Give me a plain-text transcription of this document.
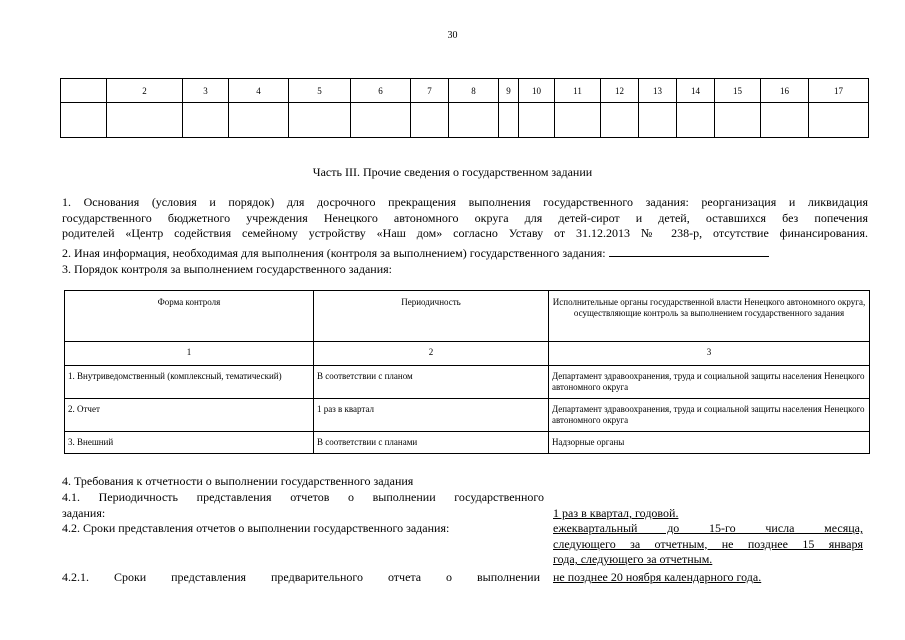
30
	2	3	4	5	6	7	8	9	10	11	12	13	14	15	16	17

Часть III. Прочие сведения о государственном задании
1. Основания (условия и порядок) для досрочного прекращения выполнения государственного задания: реорганизация и ликвидация
государственного бюджетного учреждения Ненецкого автономного округа для детей-сирот и детей, оставшихся без попечения
родителей «Центр содействия семейному устройству «Наш дом» согласно Уставу от 31.12.2013 № 238-р, отсутствие финансирования.
2. Иная информация, необходимая для выполнения (контроля за выполнением) государственного задания:
3. Порядок контроля за выполнением государственного задания:
Форма контроля	Периодичность	Исполнительные органы государственной власти Ненецкого автономного округа, осуществляющие контроль за выполнением государственного задания
1	2	3
1. Внутриведомственный (комплексный, тематический)	В соответствии с планом	Департамент здравоохранения, труда и социальной защиты населения Ненецкого автономного округа
2. Отчет	1 раз в квартал	Департамент здравоохранения, труда и социальной защиты населения Ненецкого автономного округа
3. Внешний	В соответствии с планами	Надзорные органы
4. Требования к отчетности о выполнении государственного задания
4.1. Периодичность представления отчетов о выполнении государственного
задания:	1 раз в квартал, годовой.
4.2. Сроки представления отчетов о выполнении государственного задания:	ежеквартальный до 15-го числа месяца,
следующего за отчетным, не позднее 15 января
года, следующего за отчетным.
4.2.1. Сроки представления предварительного отчета о выполнении не позднее 20 ноября календарного года.
